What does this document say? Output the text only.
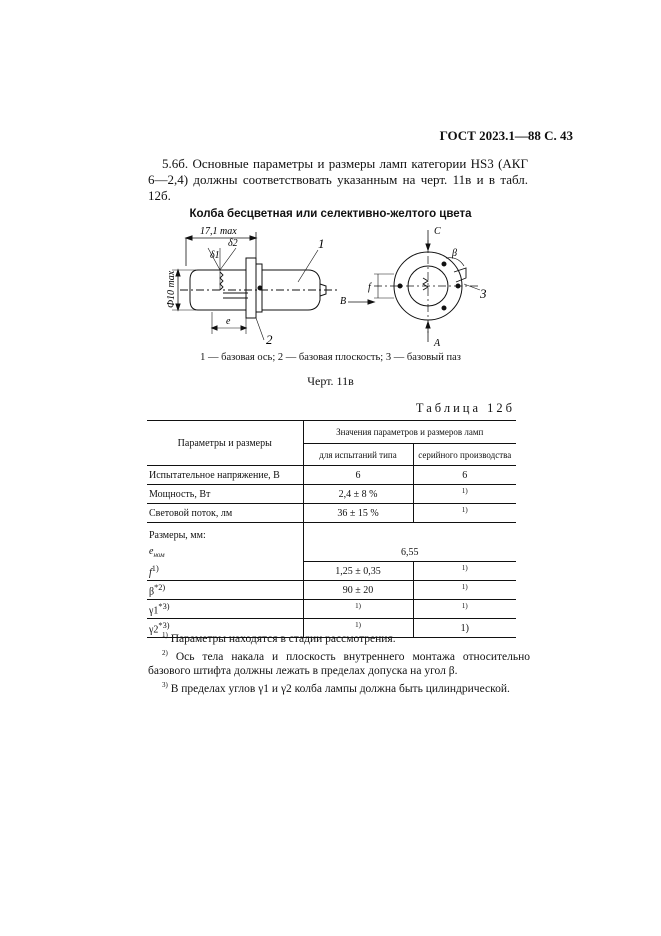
ГОСТ 2023.1—88 С. 43
5.6б. Основные параметры и размеры ламп категории HS3 (АКГ 6—2,4) должны соответствовать указанным на черт. 11в и в табл. 12б.
Колба бесцветная или селективно-желтого цвета
17,1 max
Ф10 max
δ2
δ1
e
1
2
C
A
B
f
β
3
1 — базовая ось; 2 — базовая плоскость; 3 — базовый паз
Черт. 11в
Таблица 12б
Параметры и размеры	Значения параметров и размеров ламп	
	для испытаний типа	серийного производства
Испытательное напряжение, В	6	6
Мощность, Вт	2,4 ± 8 %	$^{1)}$
Световой поток, лм	36 ± 15 %	$^{1)}$
Размеры, мм:		
$e_{ном}$	6,55	
$f^{1)}$	1,25 ± 0,35	$^{1)}$
$\beta^{*2)}$	90 ± 20	$^{1)}$
γ1$^{*3)}$	$^{1)}$	$^{1)}$
γ2$^{*3)}$	$^{1)}$	1)

$^{1)}$ Параметры находятся в стадии рассмотрения.

$^{2)}$ Ось тела накала и плоскость внутреннего монтажа относительно базового штифта должны лежать в пределах допуска на угол β.

$^{3)}$ В пределах углов γ1 и γ2 колба лампы должна быть цилиндрической.
